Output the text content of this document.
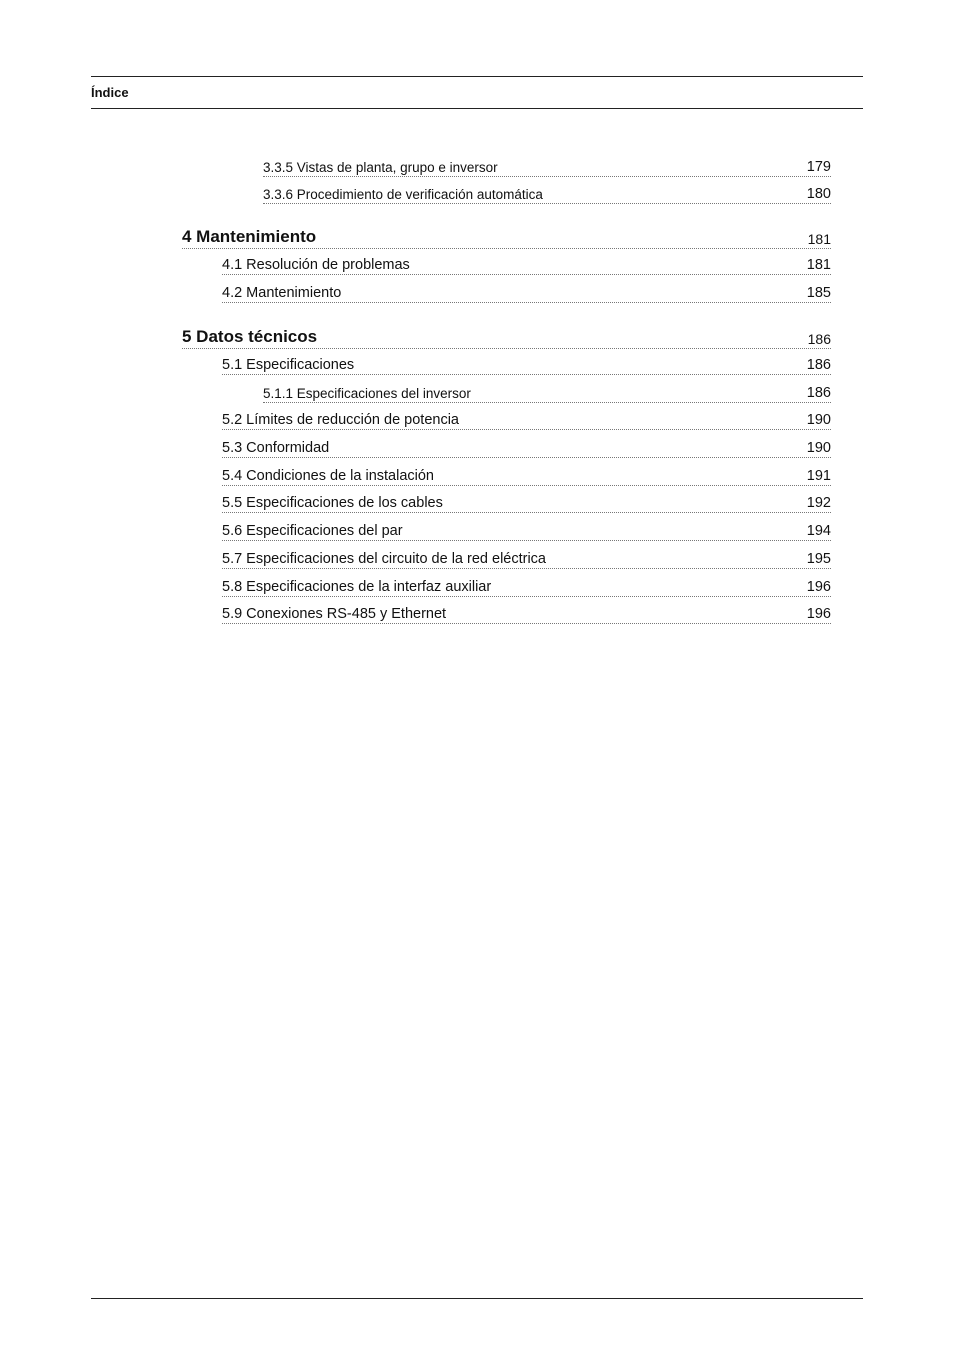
Índice
3.3.5 Vistas de planta, grupo e inversor	179
3.3.6 Procedimiento de verificación automática	180
4 Mantenimiento	181
4.1 Resolución de problemas	181
4.2 Mantenimiento	185
5 Datos técnicos	186
5.1 Especificaciones	186
5.1.1 Especificaciones del inversor	186
5.2 Límites de reducción de potencia	190
5.3 Conformidad	190
5.4 Condiciones de la instalación	191
5.5 Especificaciones de los cables	192
5.6 Especificaciones del par	194
5.7 Especificaciones del circuito de la red eléctrica	195
5.8 Especificaciones de la interfaz auxiliar	196
5.9 Conexiones RS-485 y Ethernet	196
